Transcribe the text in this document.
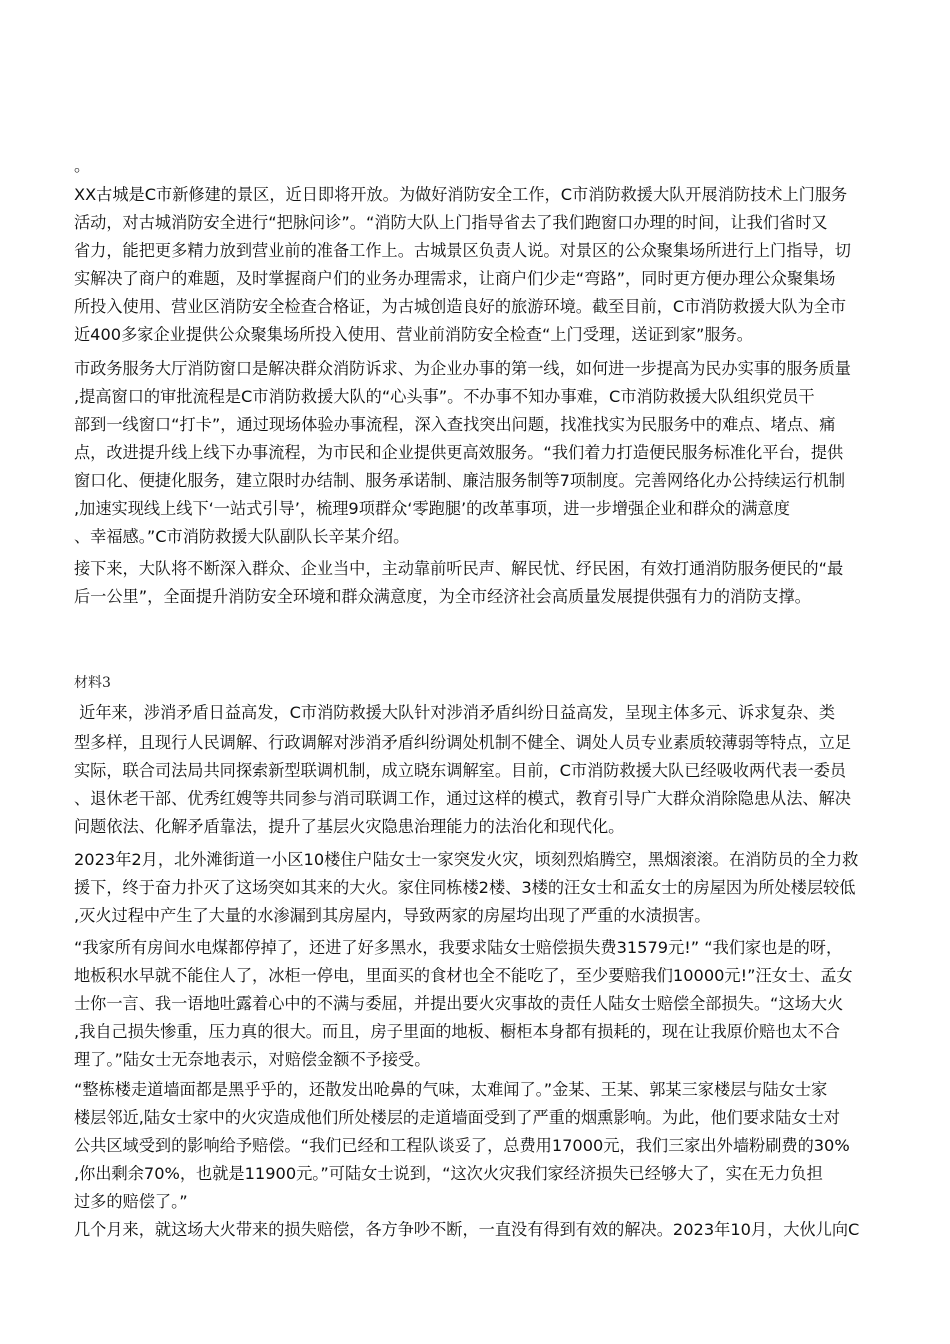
。
XX古城是C市新修建的景区，近日即将开放。为做好消防安全工作，C市消防救援大队开展消防技术上门服务
活动，对古城消防安全进行“把脉问诊”。“消防大队上门指导省去了我们跑窗口办理的时间，让我们省时又
省力，能把更多精力放到营业前的准备工作上。古城景区负责人说。对景区的公众聚集场所进行上门指导，切
实解决了商户的难题，及时掌握商户们的业务办理需求，让商户们少走“弯路”，同时更方便办理公众聚集场
所投入使用、营业区消防安全检查合格证，为古城创造良好的旅游环境。截至目前，C市消防救援大队为全市
近400多家企业提供公众聚集场所投入使用、营业前消防安全检查“上门受理，送证到家”服务。
市政务服务大厅消防窗口是解决群众消防诉求、为企业办事的第一线，如何进一步提高为民办实事的服务质量
,提高窗口的审批流程是C市消防救援大队的“心头事”。不办事不知办事难，C市消防救援大队组织党员干
部到一线窗口“打卡”，通过现场体验办事流程，深入查找突出问题，找准找实为民服务中的难点、堵点、痛
点，改进提升线上线下办事流程，为市民和企业提供更高效服务。“我们着力打造便民服务标准化平台，提供
窗口化、便捷化服务，建立限时办结制、服务承诺制、廉洁服务制等7项制度。完善网络化办公持续运行机制
,加速实现线上线下‘一站式引导’，梳理9项群众‘零跑腿’的改革事项，进一步增强企业和群众的满意度
、幸福感。”C市消防救援大队副队长辛某介绍。
接下来，大队将不断深入群众、企业当中，主动靠前听民声、解民忧、纾民困，有效打通消防服务便民的“最
后一公里”，全面提升消防安全环境和群众满意度，为全市经济社会高质量发展提供强有力的消防支撑。
材料3
近年来，涉消矛盾日益高发，C市消防救援大队针对涉消矛盾纠纷日益高发，呈现主体多元、诉求复杂、类
型多样，且现行人民调解、行政调解对涉消矛盾纠纷调处机制不健全、调处人员专业素质较薄弱等特点，立足
实际，联合司法局共同探索新型联调机制，成立晓东调解室。目前，C市消防救援大队已经吸收两代表一委员
、退休老干部、优秀红嫂等共同参与消司联调工作，通过这样的模式，教育引导广大群众消除隐患从法、解决
问题依法、化解矛盾靠法，提升了基层火灾隐患治理能力的法治化和现代化。
2023年2月，北外滩街道一小区10楼住户陆女士一家突发火灾，顷刻烈焰腾空，黑烟滚滚。在消防员的全力救
援下，终于奋力扑灭了这场突如其来的大火。家住同栋楼2楼、3楼的汪女士和孟女士的房屋因为所处楼层较低
,灭火过程中产生了大量的水渗漏到其房屋内，导致两家的房屋均出现了严重的水渍损害。
“我家所有房间水电煤都停掉了，还进了好多黑水，我要求陆女士赔偿损失费31579元!” “我们家也是的呀，
地板积水早就不能住人了，冰柜一停电，里面买的食材也全不能吃了，至少要赔我们10000元!”汪女士、孟女
士你一言、我一语地吐露着心中的不满与委屈，并提出要火灾事故的责任人陆女士赔偿全部损失。“这场大火
,我自己损失惨重，压力真的很大。而且，房子里面的地板、橱柜本身都有损耗的，现在让我原价赔也太不合
理了。”陆女士无奈地表示，对赔偿金额不予接受。
“整栋楼走道墙面都是黑乎乎的，还散发出呛鼻的气味，太难闻了。”金某、王某、郭某三家楼层与陆女士家
楼层邻近,陆女士家中的火灾造成他们所处楼层的走道墙面受到了严重的烟熏影响。为此，他们要求陆女士对
公共区域受到的影响给予赔偿。“我们已经和工程队谈妥了，总费用17000元，我们三家出外墙粉刷费的30%
,你出剩余70%，也就是11900元。”可陆女士说到，“这次火灾我们家经济损失已经够大了，实在无力负担
过多的赔偿了。”
几个月来，就这场大火带来的损失赔偿，各方争吵不断，一直没有得到有效的解决。2023年10月，大伙儿向C
